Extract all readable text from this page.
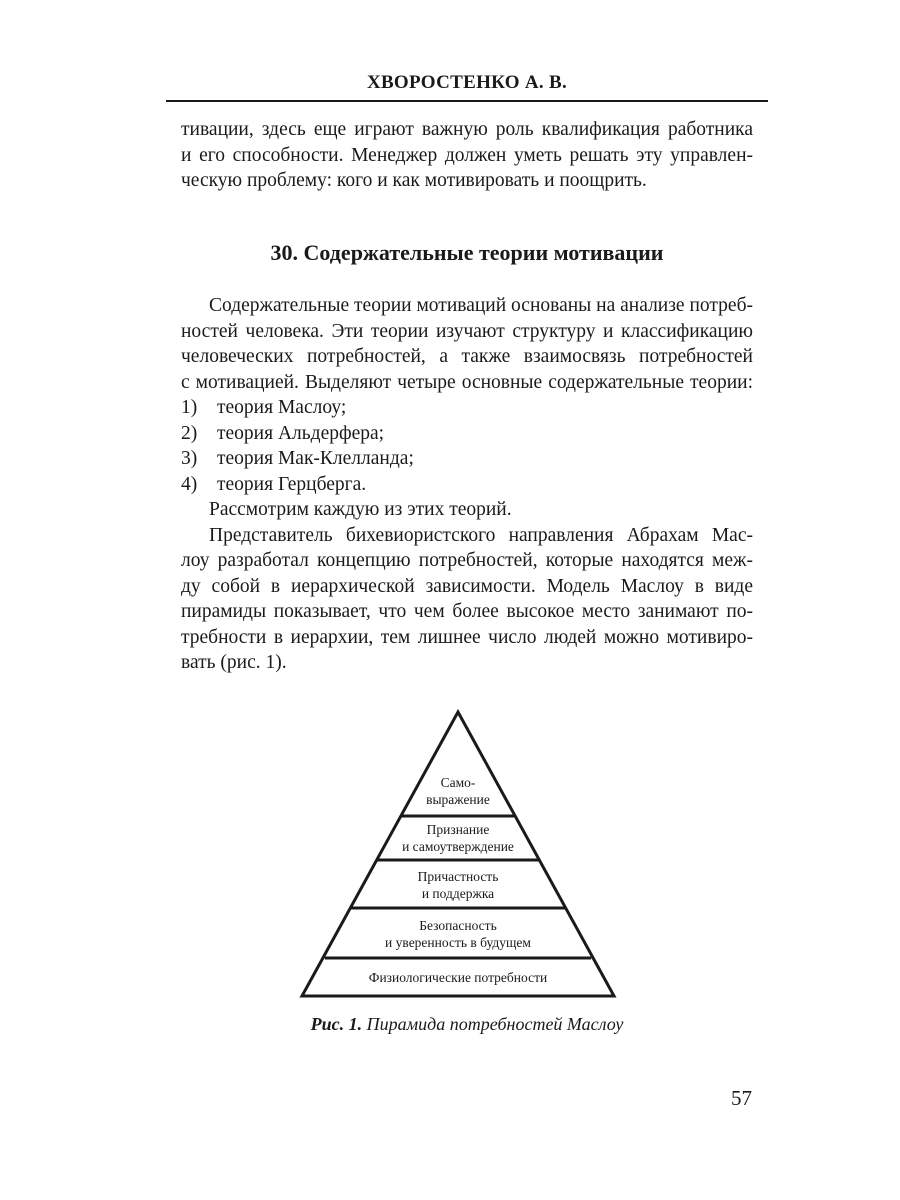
ХВОРОСТЕНКО А. В.
тивации, здесь еще играют важную роль квалификация работника
и его способности. Менеджер должен уметь решать эту управлен-
ческую проблему: кого и как мотивировать и поощрить.
30. Содержательные теории мотивации
Содержательные теории мотиваций основаны на анализе потреб-
ностей человека. Эти теории изучают структуру и классификацию
человеческих потребностей, а также взаимосвязь потребностей
с мотивацией. Выделяют четыре основные содержательные теории:
1)	теория Маслоу;
2)	теория Альдерфера;
3)	теория Мак-Клелланда;
4)	теория Герцберга.
Рассмотрим каждую из этих теорий.
Представитель бихевиористского направления Абрахам Мас-
лоу разработал концепцию потребностей, которые находятся меж-
ду собой в иерархической зависимости. Модель Маслоу в виде
пирамиды показывает, что чем более высокое место занимают по-
требности в иерархии, тем лишнее число людей можно мотивиро-
вать (рис. 1).
Само-
выражение
Признание
и самоутверждение
Причастность
и поддержка
Безопасность
и уверенность в будущем
Физиологические потребности
Рис. 1. Пирамида потребностей Маслоу
57
